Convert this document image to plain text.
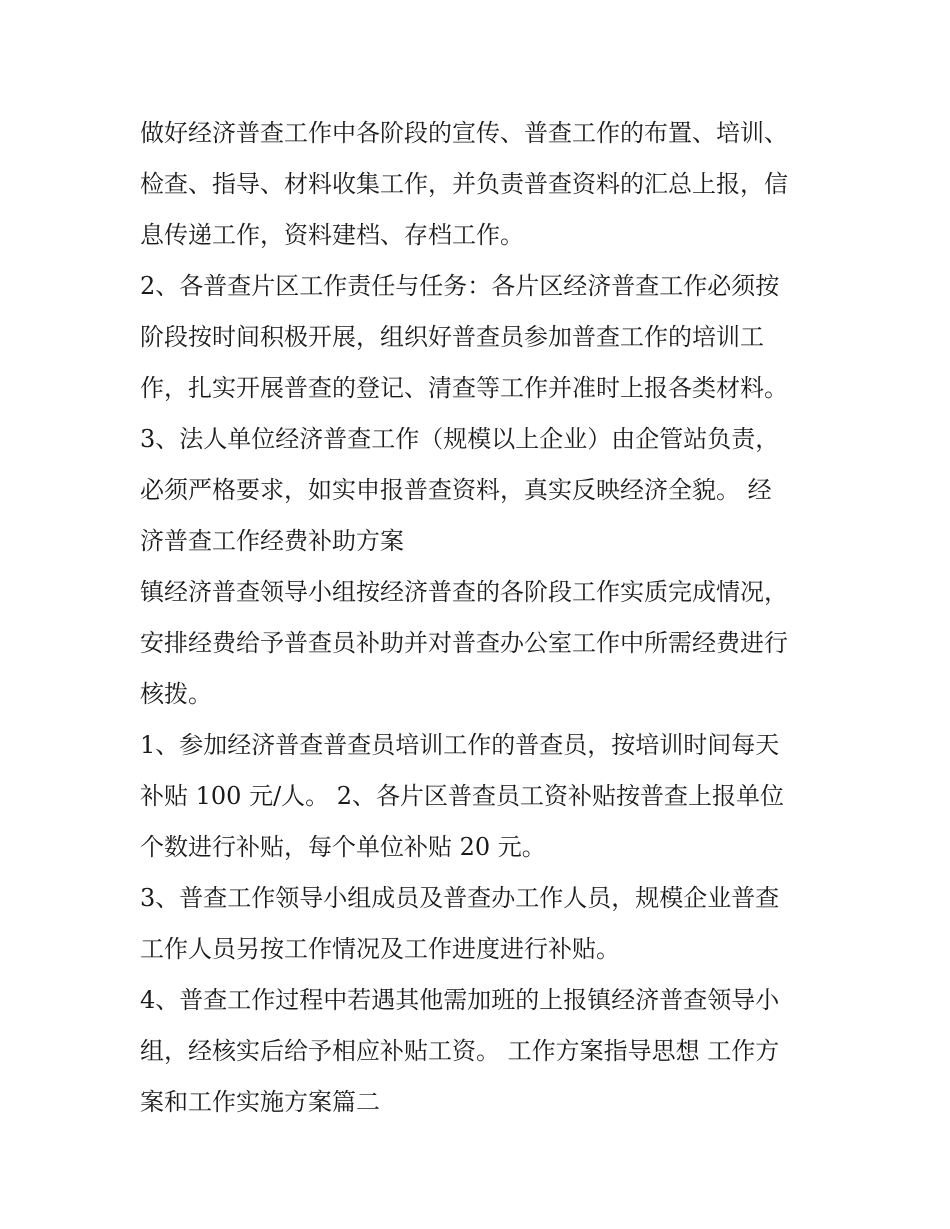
做好经济普查工作中各阶段的宣传、普查工作的布置、培训、
检查、指导、材料收集工作，并负责普查资料的汇总上报，信
息传递工作，资料建档、存档工作。
2、各普查片区工作责任与任务：各片区经济普查工作必须按
阶段按时间积极开展，组织好普查员参加普查工作的培训工
作，扎实开展普查的登记、清查等工作并准时上报各类材料。
3、法人单位经济普查工作（规模以上企业）由企管站负责，
必须严格要求，如实申报普查资料，真实反映经济全貌。 经
济普查工作经费补助方案
镇经济普查领导小组按经济普查的各阶段工作实质完成情况，
安排经费给予普查员补助并对普查办公室工作中所需经费进行
核拨。
1、参加经济普查普查员培训工作的普查员，按培训时间每天
补贴 100 元/人。 2、各片区普查员工资补贴按普查上报单位
个数进行补贴，每个单位补贴 20 元。
3、普查工作领导小组成员及普查办工作人员，规模企业普查
工作人员另按工作情况及工作进度进行补贴。
4、普查工作过程中若遇其他需加班的上报镇经济普查领导小
组，经核实后给予相应补贴工资。 工作方案指导思想 工作方
案和工作实施方案篇二
